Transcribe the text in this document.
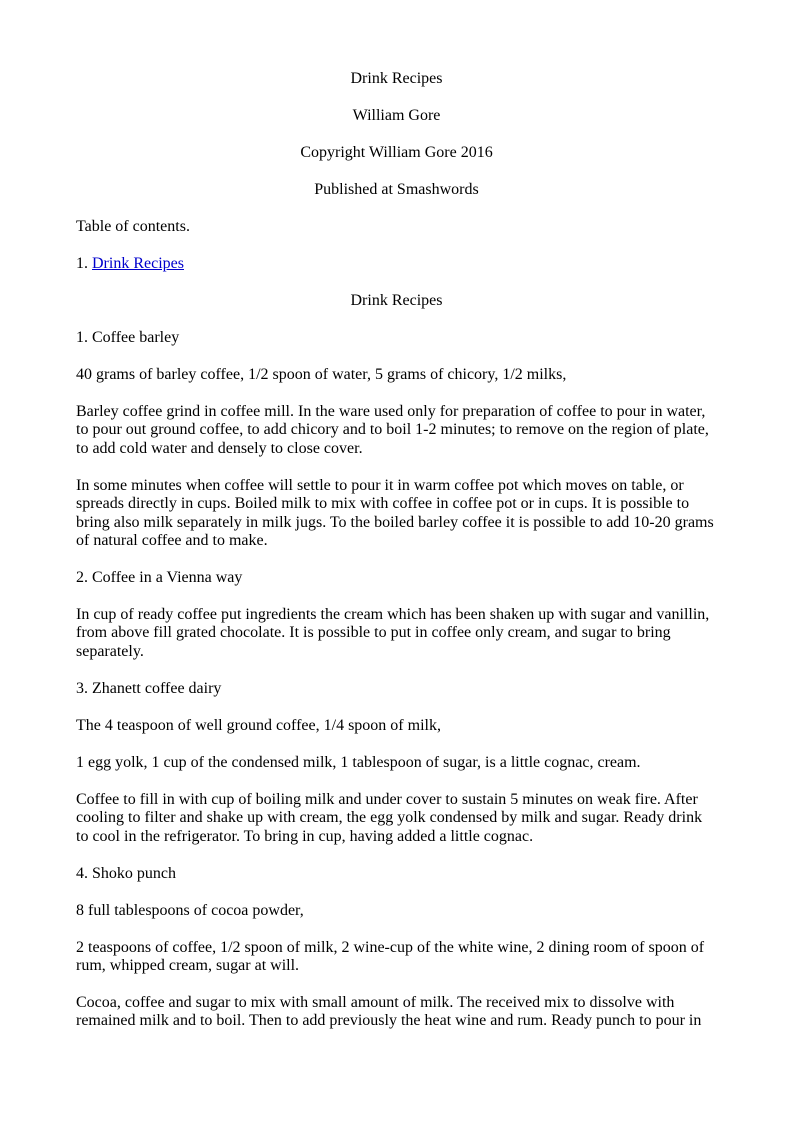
Drink Recipes

William Gore

Copyright William Gore 2016

Published at Smashwords

Table of contents.

1. Drink Recipes

Drink Recipes

1. Coffee barley

40 grams of barley coffee, 1/2 spoon of water, 5 grams of chicory, 1/2 milks,

Barley coffee grind in coffee mill. In the ware used only for preparation of coffee to pour in water, to pour out ground coffee, to add chicory and to boil 1-2 minutes; to remove on the region of plate, to add cold water and densely to close cover.

In some minutes when coffee will settle to pour it in warm coffee pot which moves on table, or spreads directly in cups. Boiled milk to mix with coffee in coffee pot or in cups. It is possible to bring also milk separately in milk jugs. To the boiled barley coffee it is possible to add 10-20 grams of natural coffee and to make.

2. Coffee in a Vienna way

In cup of ready coffee put ingredients the cream which has been shaken up with sugar and vanillin, from above fill grated chocolate. It is possible to put in coffee only cream, and sugar to bring separately.

3. Zhanett coffee dairy

The 4 teaspoon of well ground coffee, 1/4 spoon of milk,

1 egg yolk, 1 cup of the condensed milk, 1 tablespoon of sugar, is a little cognac, cream.

Coffee to fill in with cup of boiling milk and under cover to sustain 5 minutes on weak fire. After cooling to filter and shake up with cream, the egg yolk condensed by milk and sugar. Ready drink to cool in the refrigerator. To bring in cup, having added a little cognac.

4. Shoko punch

8 full tablespoons of cocoa powder,

2 teaspoons of coffee, 1/2 spoon of milk, 2 wine-cup of the white wine, 2 dining room of spoon of rum, whipped cream, sugar at will.

Cocoa, coffee and sugar to mix with small amount of milk. The received mix to dissolve with remained milk and to boil. Then to add previously the heat wine and rum. Ready punch to pour in
